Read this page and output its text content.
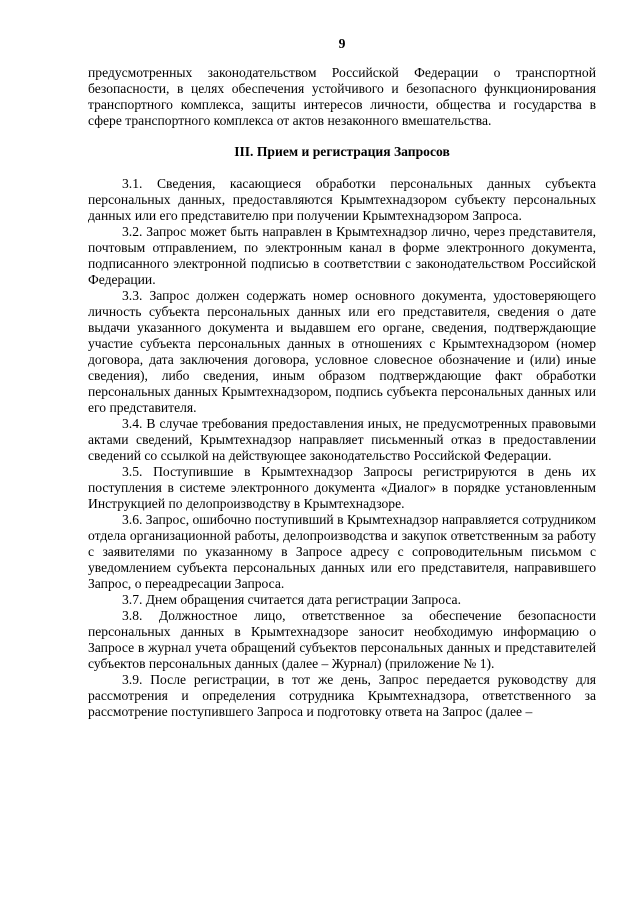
9

предусмотренных законодательством Российской Федерации о транспортной безопасности, в целях обеспечения устойчивого и безопасного функционирования транспортного комплекса, защиты интересов личности, общества и государства в сфере транспортного комплекса от актов незаконного вмешательства.

III. Прием и регистрация Запросов

3.1. Сведения, касающиеся обработки персональных данных субъекта персональных данных, предоставляются Крымтехнадзором субъекту персональных данных или его представителю при получении Крымтехнадзором Запроса.

3.2. Запрос может быть направлен в Крымтехнадзор лично, через представителя, почтовым отправлением, по электронным канал в форме электронного документа, подписанного электронной подписью в соответствии с законодательством Российской Федерации.

3.3. Запрос должен содержать номер основного документа, удостоверяющего личность субъекта персональных данных или его представителя, сведения о дате выдачи указанного документа и выдавшем его органе, сведения, подтверждающие участие субъекта персональных данных в отношениях с Крымтехнадзором (номер договора, дата заключения договора, условное словесное обозначение и (или) иные сведения), либо сведения, иным образом подтверждающие факт обработки персональных данных Крымтехнадзором, подпись субъекта персональных данных или его представителя.

3.4. В случае требования предоставления иных, не предусмотренных правовыми актами сведений, Крымтехнадзор направляет письменный отказ в предоставлении сведений со ссылкой на действующее законодательство Российской Федерации.

3.5. Поступившие в Крымтехнадзор Запросы регистрируются в день их поступления в системе электронного документа «Диалог» в порядке установленным Инструкцией по делопроизводству в Крымтехнадзоре.

3.6. Запрос, ошибочно поступивший в Крымтехнадзор направляется сотрудником отдела организационной работы, делопроизводства и закупок ответственным за работу с заявителями по указанному в Запросе адресу с сопроводительным письмом с уведомлением субъекта персональных данных или его представителя, направившего Запрос, о переадресации Запроса.

3.7. Днем обращения считается дата регистрации Запроса.

3.8. Должностное лицо, ответственное за обеспечение безопасности персональных данных в Крымтехнадзоре заносит необходимую информацию о Запросе в журнал учета обращений субъектов персональных данных и представителей субъектов персональных данных (далее – Журнал) (приложение № 1).

3.9. После регистрации, в тот же день, Запрос передается руководству для рассмотрения и определения сотрудника Крымтехнадзора, ответственного за рассмотрение поступившего Запроса и подготовку ответа на Запрос (далее –
